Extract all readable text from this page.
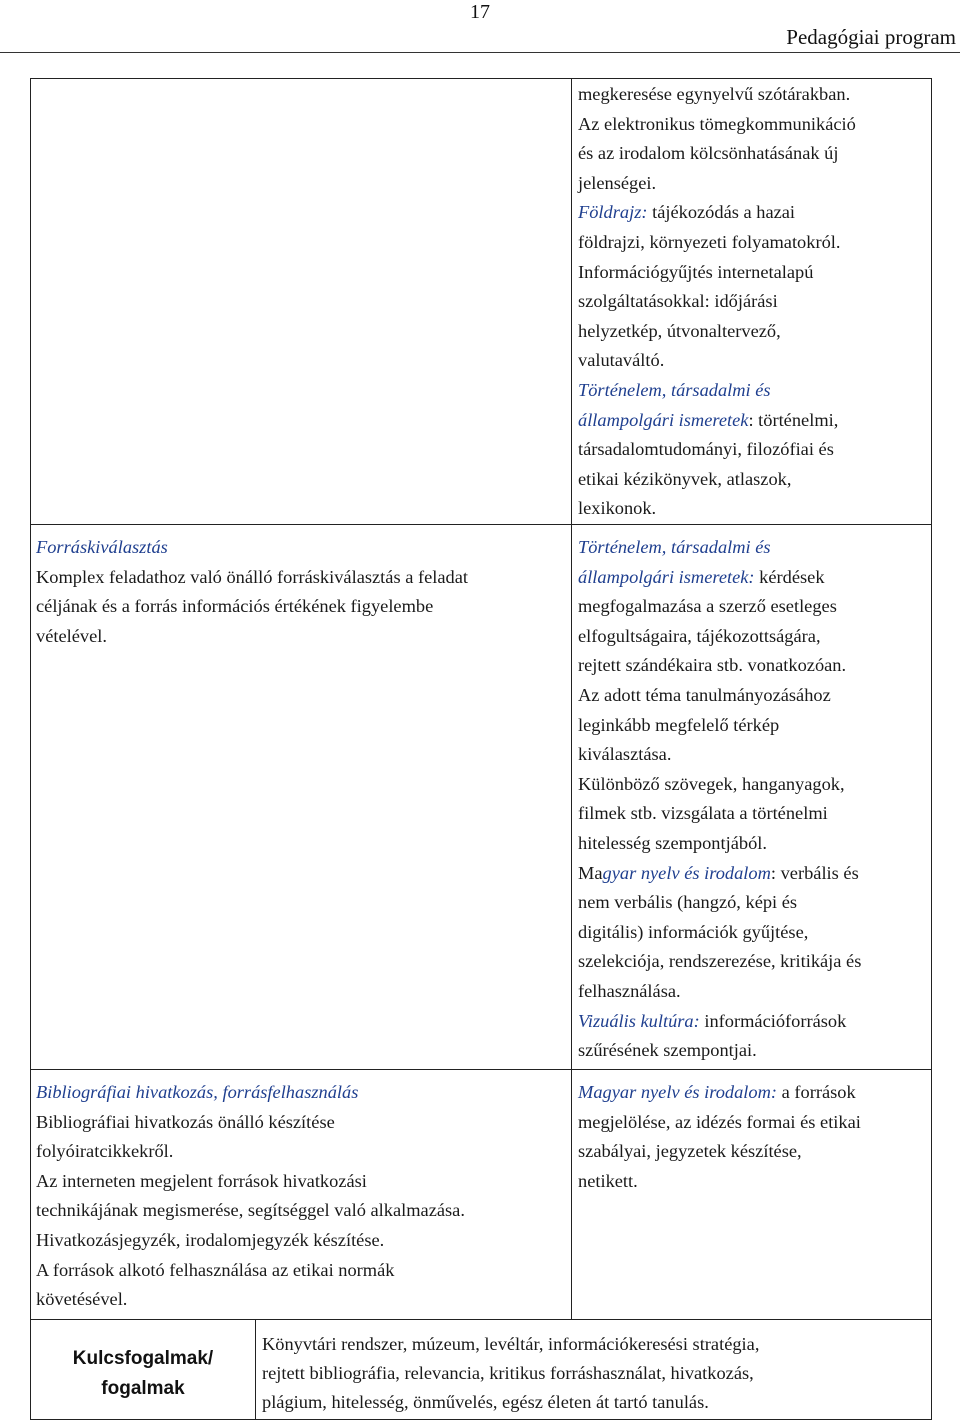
17
Pedagógiai program
megkeresése egynyelvű szótárakban.
Az elektronikus tömegkommunikáció
és az irodalom kölcsönhatásának új
jelenségei.
Földrajz: tájékozódás a hazai
földrajzi, környezeti folyamatokról.
Információgyűjtés internetalapú
szolgáltatásokkal: időjárási
helyzetkép, útvonaltervező,
valutaváltó.
Történelem, társadalmi és
állampolgári ismeretek: történelmi,
társadalomtudományi, filozófiai és
etikai kézikönyvek, atlaszok,
lexikonok.
Forráskiválasztás
Komplex feladathoz való önálló forráskiválasztás a feladat
céljának és a forrás információs értékének figyelembe
vételével.
Történelem, társadalmi és
állampolgári ismeretek: kérdések
megfogalmazása a szerző esetleges
elfogultságaira, tájékozottságára,
rejtett szándékaira stb. vonatkozóan.
Az adott téma tanulmányozásához
leginkább megfelelő térkép
kiválasztása.
Különböző szövegek, hanganyagok,
filmek stb. vizsgálata a történelmi
hitelesség szempontjából.
Magyar nyelv és irodalom: verbális és
nem verbális (hangzó, képi és
digitális) információk gyűjtése,
szelekciója, rendszerezése, kritikája és
felhasználása.
Vizuális kultúra: információforrások
szűrésének szempontjai.
Bibliográfiai hivatkozás, forrásfelhasználás
Bibliográfiai hivatkozás önálló készítése
folyóiratcikkekről.
Az interneten megjelent források hivatkozási
technikájának megismerése, segítséggel való alkalmazása.
Hivatkozásjegyzék, irodalomjegyzék készítése.
A források alkotó felhasználása az etikai normák
követésével.
Magyar nyelv és irodalom: a források
megjelölése, az idézés formai és etikai
szabályai, jegyzetek készítése,
netikett.
Kulcsfogalmak/
fogalmak
Könyvtári rendszer, múzeum, levéltár, információkeresési stratégia,
rejtett bibliográfia, relevancia, kritikus forráshasználat, hivatkozás,
plágium, hitelesség, önművelés, egész életen át tartó tanulás.
